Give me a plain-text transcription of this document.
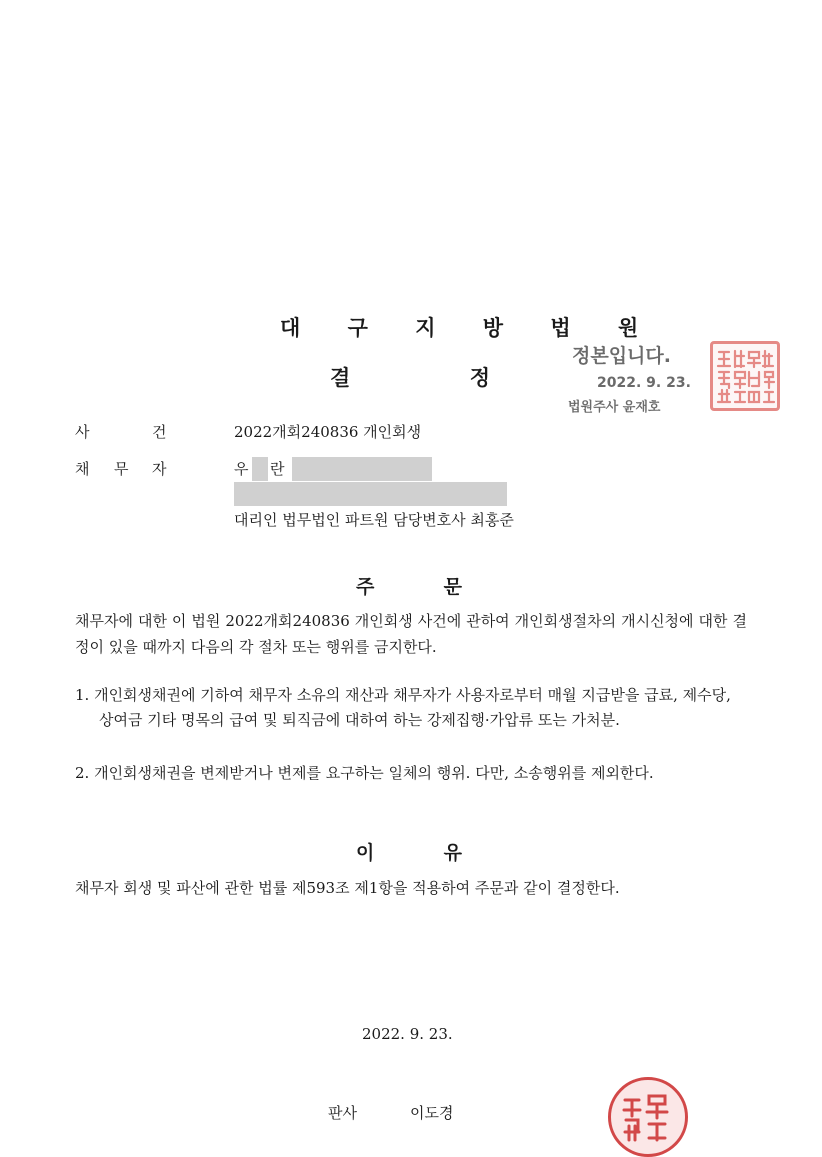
대 구 지 방 법 원
결	정
정본입니다.
2022. 9. 23.
법원주사 윤재호
사	건	2022개회240836 개인회생
채 무 자	우 란
대리인 법무법인 파트원 담당변호사 최홍준
주	문
채무자에 대한 이 법원 2022개회240836 개인회생 사건에 관하여 개인회생절차의 개시신청에 대한 결정이 있을 때까지 다음의 각 절차 또는 행위를 금지한다.
1. 개인회생채권에 기하여 채무자 소유의 재산과 채무자가 사용자로부터 매월 지급받을 급료, 제수당, 상여금 기타 명목의 급여 및 퇴직금에 대하여 하는 강제집행·가압류 또는 가처분.
2. 개인회생채권을 변제받거나 변제를 요구하는 일체의 행위. 다만, 소송행위를 제외한다.
이	유
채무자 회생 및 파산에 관한 법률 제593조 제1항을 적용하여 주문과 같이 결정한다.
2022. 9. 23.
판사	이도경
